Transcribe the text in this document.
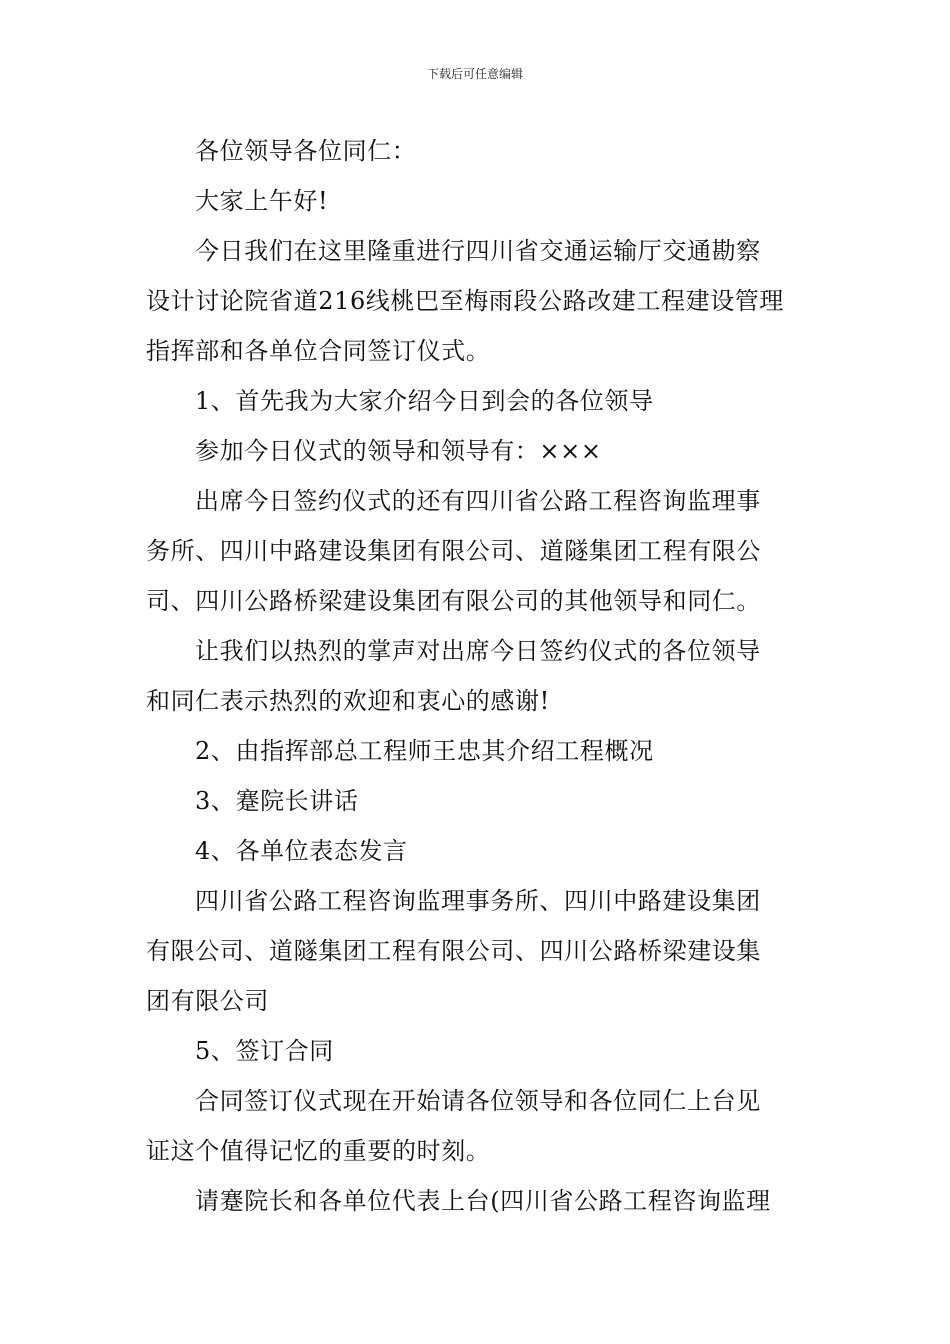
下载后可任意编辑
各位领导各位同仁：
大家上午好!
今日我们在这里隆重进行四川省交通运输厅交通勘察
设计讨论院省道216线桃巴至梅雨段公路改建工程建设管理
指挥部和各单位合同签订仪式。
1、首先我为大家介绍今日到会的各位领导
参加今日仪式的领导和领导有：×××
出席今日签约仪式的还有四川省公路工程咨询监理事
务所、四川中路建设集团有限公司、道隧集团工程有限公
司、四川公路桥梁建设集团有限公司的其他领导和同仁。
让我们以热烈的掌声对出席今日签约仪式的各位领导
和同仁表示热烈的欢迎和衷心的感谢!
2、由指挥部总工程师王忠其介绍工程概况
3、蹇院长讲话
4、各单位表态发言
四川省公路工程咨询监理事务所、四川中路建设集团
有限公司、道隧集团工程有限公司、四川公路桥梁建设集
团有限公司
5、签订合同
合同签订仪式现在开始请各位领导和各位同仁上台见
证这个值得记忆的重要的时刻。
请蹇院长和各单位代表上台(四川省公路工程咨询监理
